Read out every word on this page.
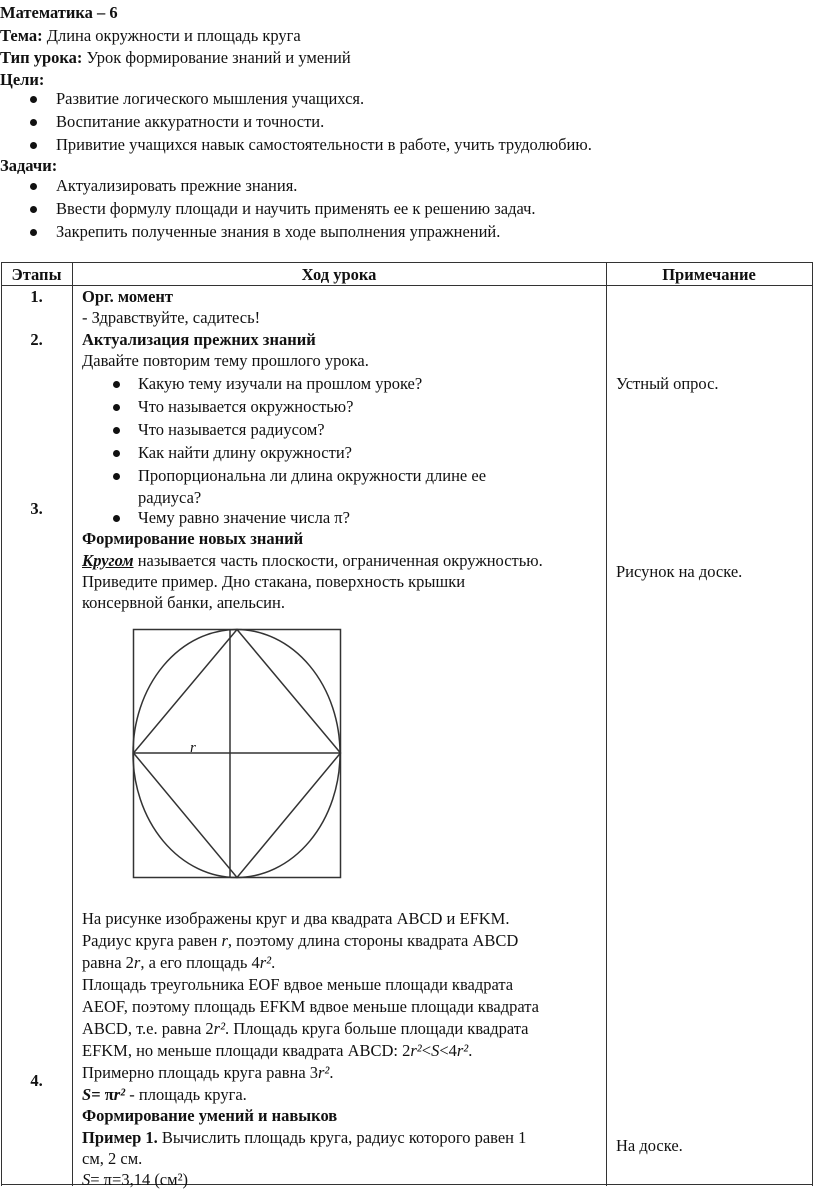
Математика – 6
Тема: Длина окружности и площадь круга
Тип урока: Урок формирование знаний и умений
Цели:
Развитие логического мышления учащихся.
Воспитание аккуратности и точности.
Привитие учащихся навык самостоятельности в работе, учить трудолюбию.
Задачи:
Актуализировать прежние знания.
Ввести формулу площади и научить применять ее к решению задач.
Закрепить полученные знания в ходе выполнения упражнений.
Этапы	Ход урока	Примечание
1.
2.
3.
4.
Орг. момент
- Здравствуйте, садитесь!
Актуализация прежних знаний
Давайте повторим тему прошлого урока.
Какую тему изучали на прошлом уроке?
Что называется окружностью?
Что называется радиусом?
Как найти длину окружности?
Пропорциональна ли длина окружности длине ее
радиуса?
Чему равно значение числа π?
Формирование новых знаний
Кругом называется часть плоскости, ограниченная окружностью.
Приведите пример. Дно стакана, поверхность крышки
консервной банки, апельсин.
r
На рисунке изображены круг и два квадрата ABCD и EFKM.
Радиус круга равен r, поэтому длина стороны квадрата ABCD
равна 2r, а его площадь 4r².
Площадь треугольника EOF вдвое меньше площади квадрата
AEOF, поэтому площадь EFKM вдвое меньше площади квадрата
ABCD, т.е. равна 2r². Площадь круга больше площади квадрата
EFKM, но меньше площади квадрата ABCD: 2r²<S<4r².
Примерно площадь круга равна 3r².
S= πr² - площадь круга.
Формирование умений и навыков
Пример 1. Вычислить площадь круга, радиус которого равен 1
см, 2 см.
S= π=3,14 (см²)
Устный опрос.
Рисунок на доске.
На доске.
